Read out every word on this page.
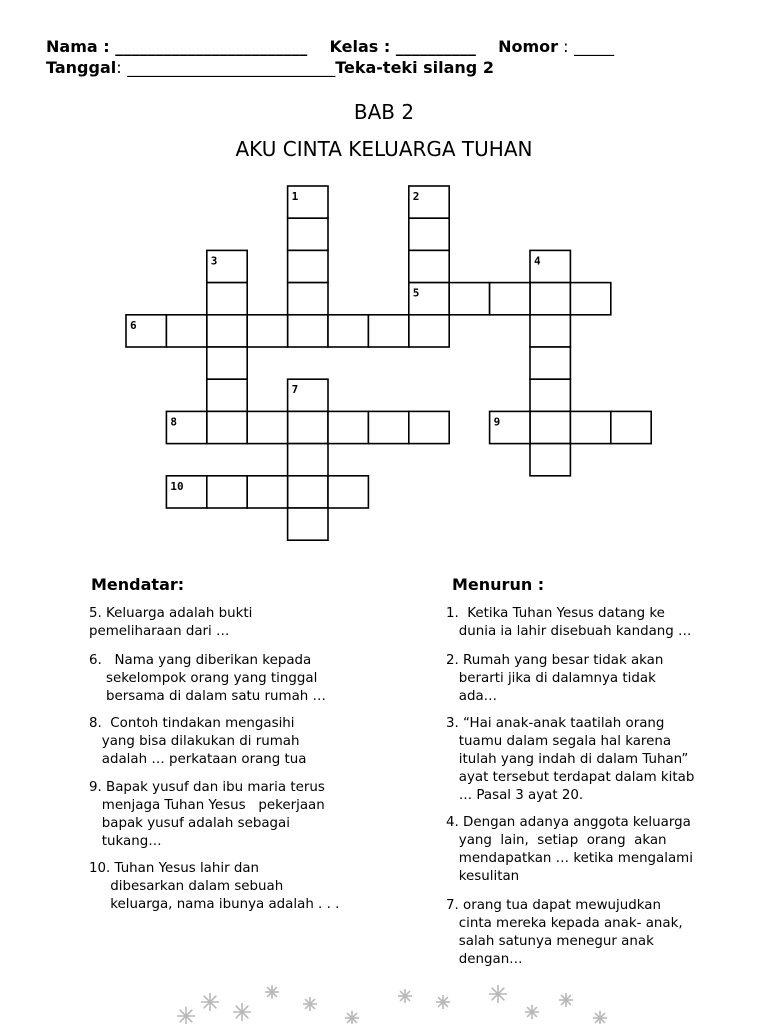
Nama : ________________________ Kelas : __________ Nomor : _____
Tanggal: __________________________Teka-teki silang 2
BAB 2
AKU CINTA KELUARGA TUHAN
1	2
3	4
5
6
7
8	9
10
Mendatar:
5. Keluarga adalah bukti
pemeliharaan dari …
6.   Nama yang diberikan kepada
sekelompok orang yang tinggal
bersama di dalam satu rumah …
8.  Contoh tindakan mengasihi
yang bisa dilakukan di rumah
adalah … perkataan orang tua
9. Bapak yusuf dan ibu maria terus
menjaga Tuhan Yesus   pekerjaan
bapak yusuf adalah sebagai
tukang…
10. Tuhan Yesus lahir dan
dibesarkan dalam sebuah
keluarga, nama ibunya adalah . . .
Menurun :
1.  Ketika Tuhan Yesus datang ke
dunia ia lahir disebuah kandang …
2. Rumah yang besar tidak akan
berarti jika di dalamnya tidak
ada…
3. “Hai anak-anak taatilah orang
tuamu dalam segala hal karena
itulah yang indah di dalam Tuhan”
ayat tersebut terdapat dalam kitab
… Pasal 3 ayat 20.
4. Dengan adanya anggota keluarga
yang  lain,  setiap  orang  akan
mendapatkan … ketika mengalami
kesulitan
7. orang tua dapat mewujudkan
cinta mereka kepada anak- anak,
salah satunya menegur anak
dengan…
